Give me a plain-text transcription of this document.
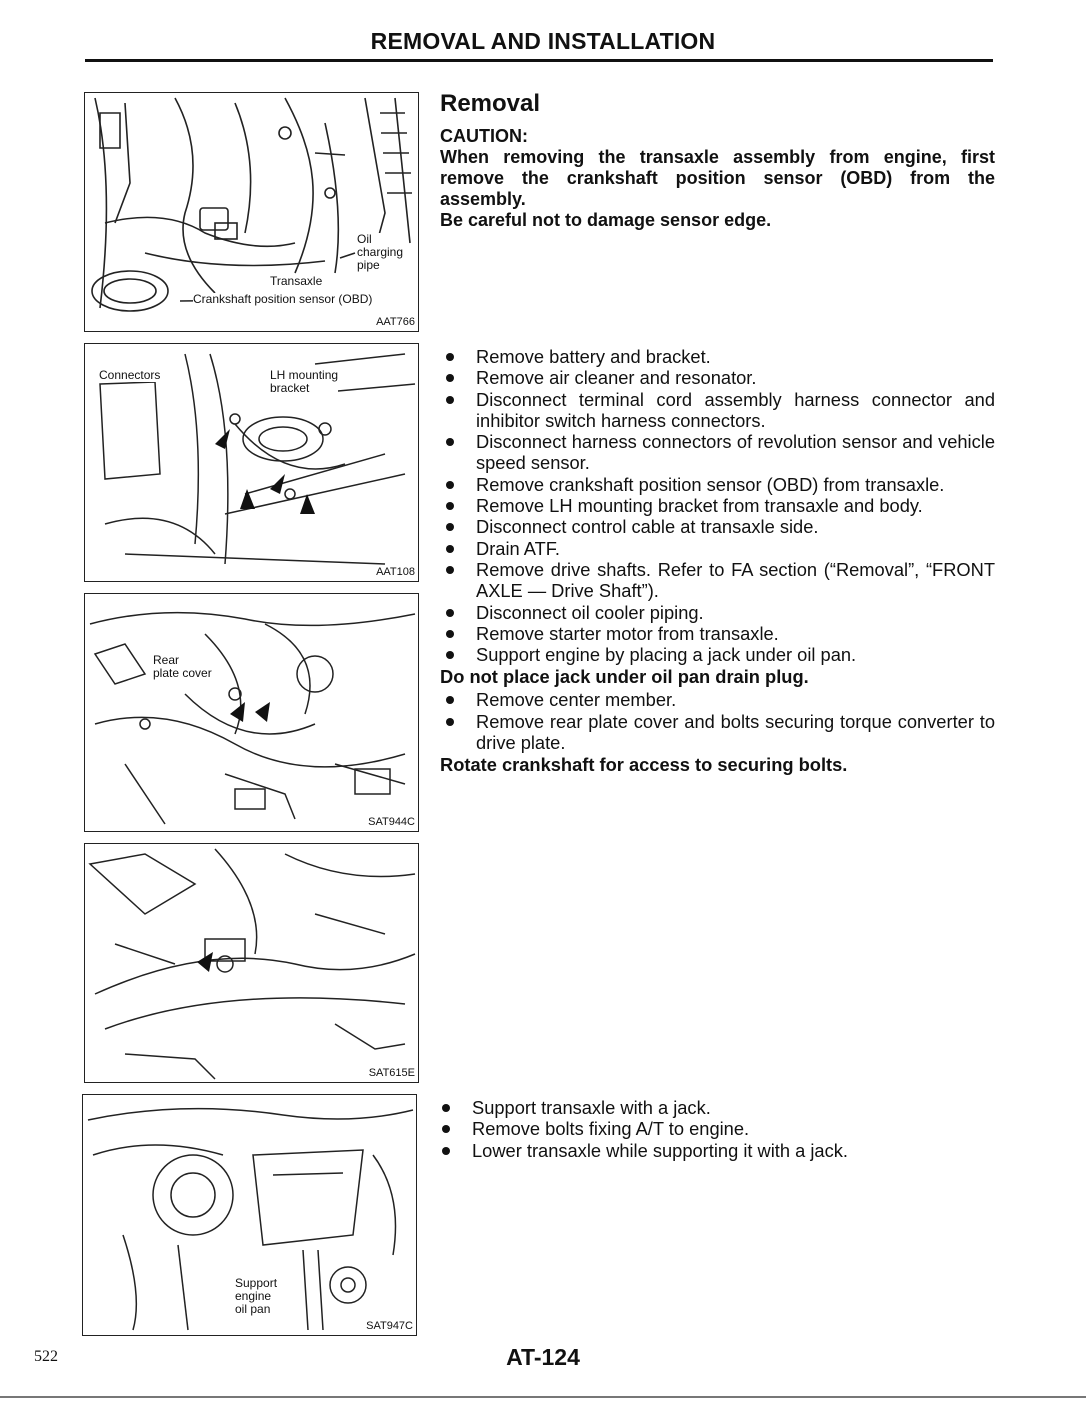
REMOVAL AND INSTALLATION
Oil
charging
pipe
Transaxle
Crankshaft position sensor (OBD)
AAT766
Connectors	LH mounting
bracket
AAT108
Rear
plate cover
SAT944C
SAT615E
Support
engine
oil pan
SAT947C
Removal
CAUTION:
When removing the transaxle assembly from engine, first remove the crankshaft position sensor (OBD) from the assembly.
Be careful not to damage sensor edge.
Remove battery and bracket.
Remove air cleaner and resonator.
Disconnect terminal cord assembly harness connector and inhibitor switch harness connectors.
Disconnect harness connectors of revolution sensor and vehicle speed sensor.
Remove crankshaft position sensor (OBD) from transaxle.
Remove LH mounting bracket from transaxle and body.
Disconnect control cable at transaxle side.
Drain ATF.
Remove drive shafts. Refer to FA section (“Removal”, “FRONT AXLE — Drive Shaft”).
Disconnect oil cooler piping.
Remove starter motor from transaxle.
Support engine by placing a jack under oil pan.
Do not place jack under oil pan drain plug.
Remove center member.
Remove rear plate cover and bolts securing torque converter to drive plate.
Rotate crankshaft for access to securing bolts.
Support transaxle with a jack.
Remove bolts fixing A/T to engine.
Lower transaxle while supporting it with a jack.
522	AT-124
